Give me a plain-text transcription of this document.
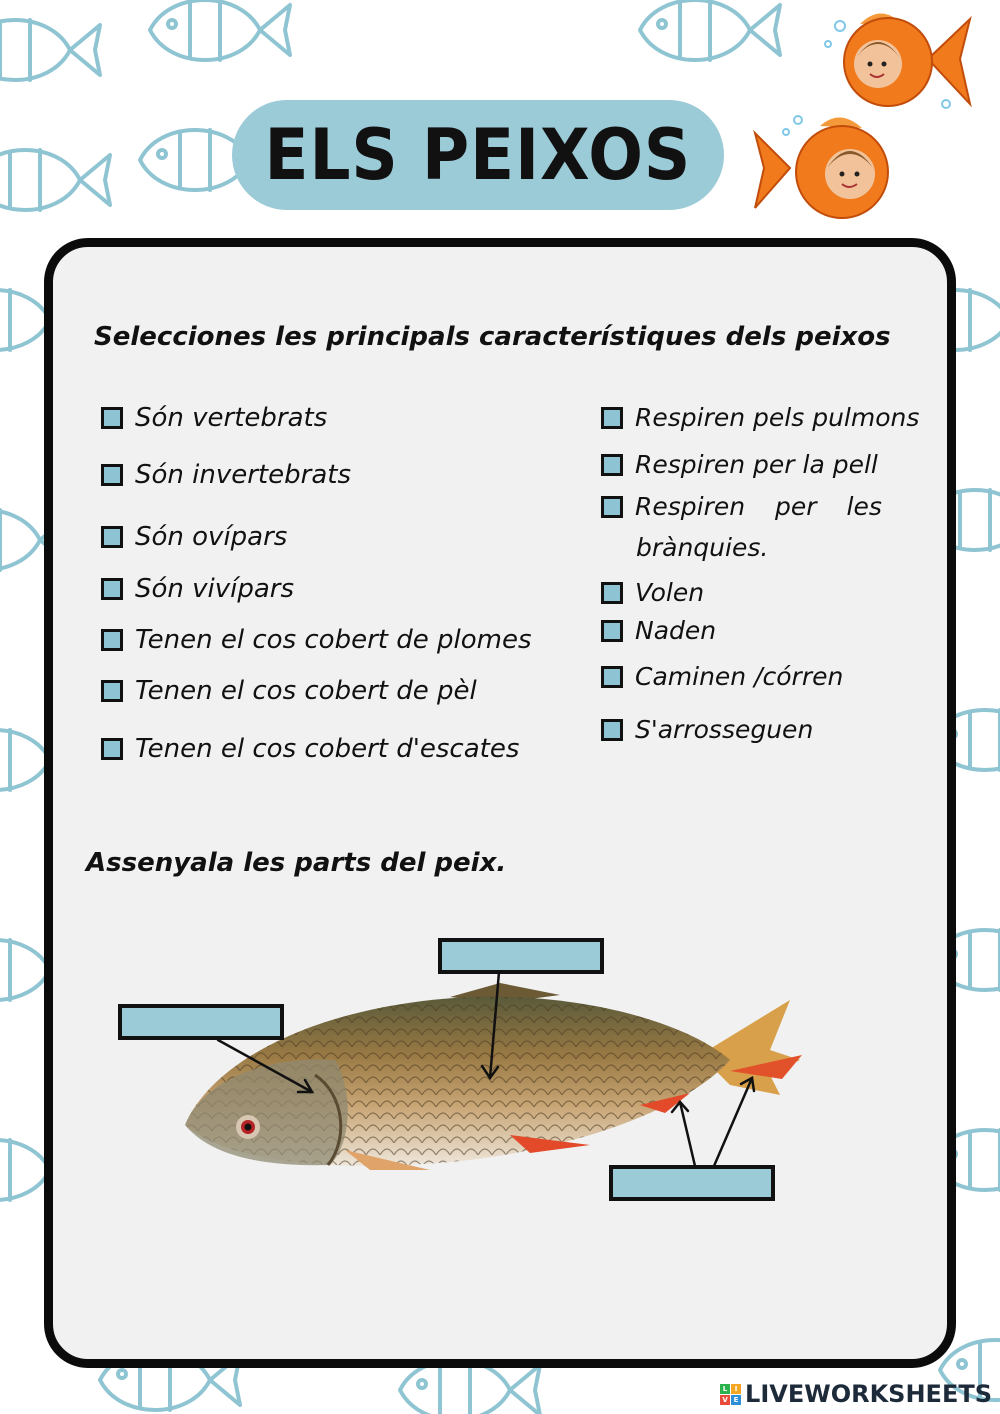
ELS PEIXOS
Selecciones les principals característiques dels peixos
Són vertebrats
Són invertebrats
Són ovípars
Són vivípars
Tenen el cos cobert de plomes
Tenen el cos cobert de pèl
Tenen el cos cobert d'escates
Respiren pels pulmons
Respiren per la pell
Respiren per les
brànquies.
Volen
Naden
Caminen /córren
S'arrosseguen
Assenyala les parts del peix.
L	I
V E LIVEWORKSHEETS
